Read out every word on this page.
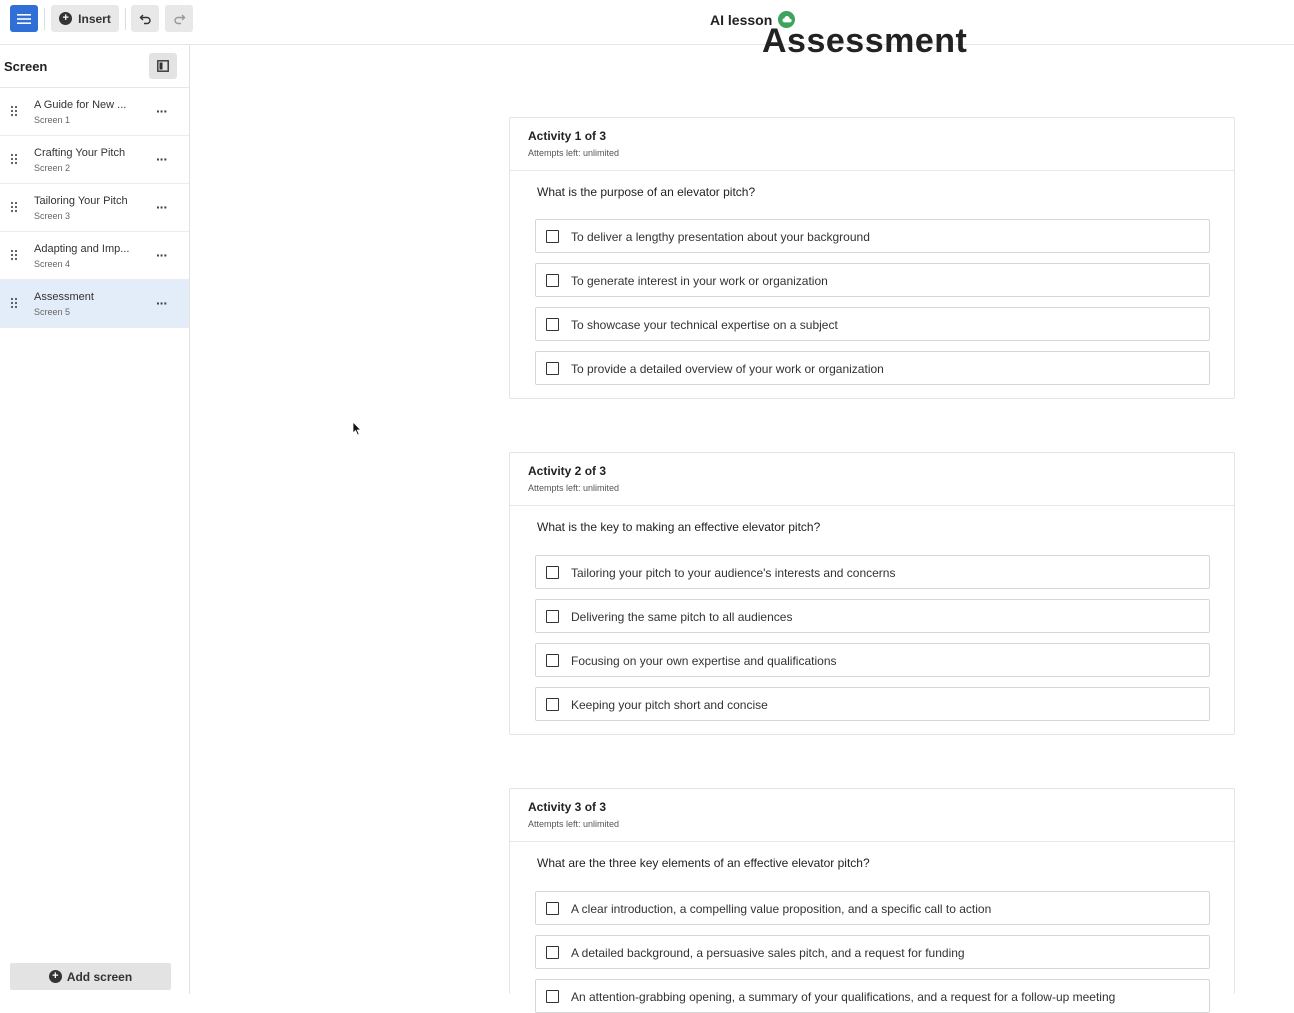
+ Insert	AI lesson
Screen
A Guide for New ...
Screen 1
···
Crafting Your Pitch
Screen 2
···
Tailoring Your Pitch
Screen 3
···
Adapting and Imp...
Screen 4
···
Assessment
Screen 5
···
+ Add screen
Assessment
Activity 1 of 3
Attempts left: unlimited
What is the purpose of an elevator pitch?
To deliver a lengthy presentation about your background
To generate interest in your work or organization
To showcase your technical expertise on a subject
To provide a detailed overview of your work or organization
Activity 2 of 3
Attempts left: unlimited
What is the key to making an effective elevator pitch?
Tailoring your pitch to your audience's interests and concerns
Delivering the same pitch to all audiences
Focusing on your own expertise and qualifications
Keeping your pitch short and concise
Activity 3 of 3
Attempts left: unlimited
What are the three key elements of an effective elevator pitch?
A clear introduction, a compelling value proposition, and a specific call to action
A detailed background, a persuasive sales pitch, and a request for funding
An attention-grabbing opening, a summary of your qualifications, and a request for a follow-up meeting
